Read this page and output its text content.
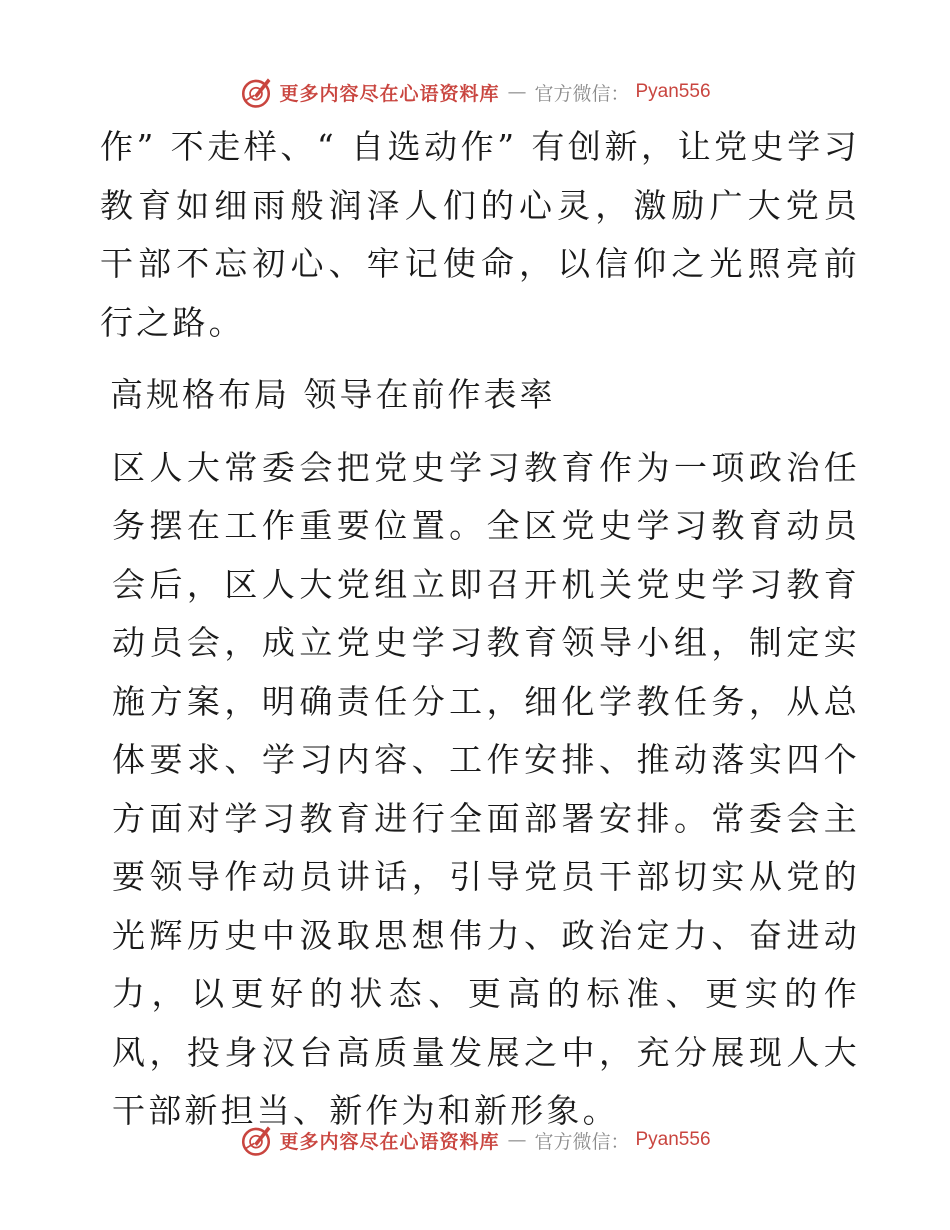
更多内容尽在心语资料库 — 官方微信： Pyan556

作” 不走样、“ 自选动作” 有创新，让党史学习教育如细雨般润泽人们的心灵，激励广大党员干部不忘初心、牢记使命，以信仰之光照亮前行之路。

高规格布局 领导在前作表率

区人大常委会把党史学习教育作为一项政治任务摆在工作重要位置。全区党史学习教育动员会后，区人大党组立即召开机关党史学习教育动员会，成立党史学习教育领导小组，制定实施方案，明确责任分工，细化学教任务，从总体要求、学习内容、工作安排、推动落实四个方面对学习教育进行全面部署安排。常委会主要领导作动员讲话，引导党员干部切实从党的光辉历史中汲取思想伟力、政治定力、奋进动力，以更好的状态、更高的标准、更实的作风，投身汉台高质量发展之中，充分展现人大干部新担当、新作为和新形象。

更多内容尽在心语资料库 — 官方微信： Pyan556
